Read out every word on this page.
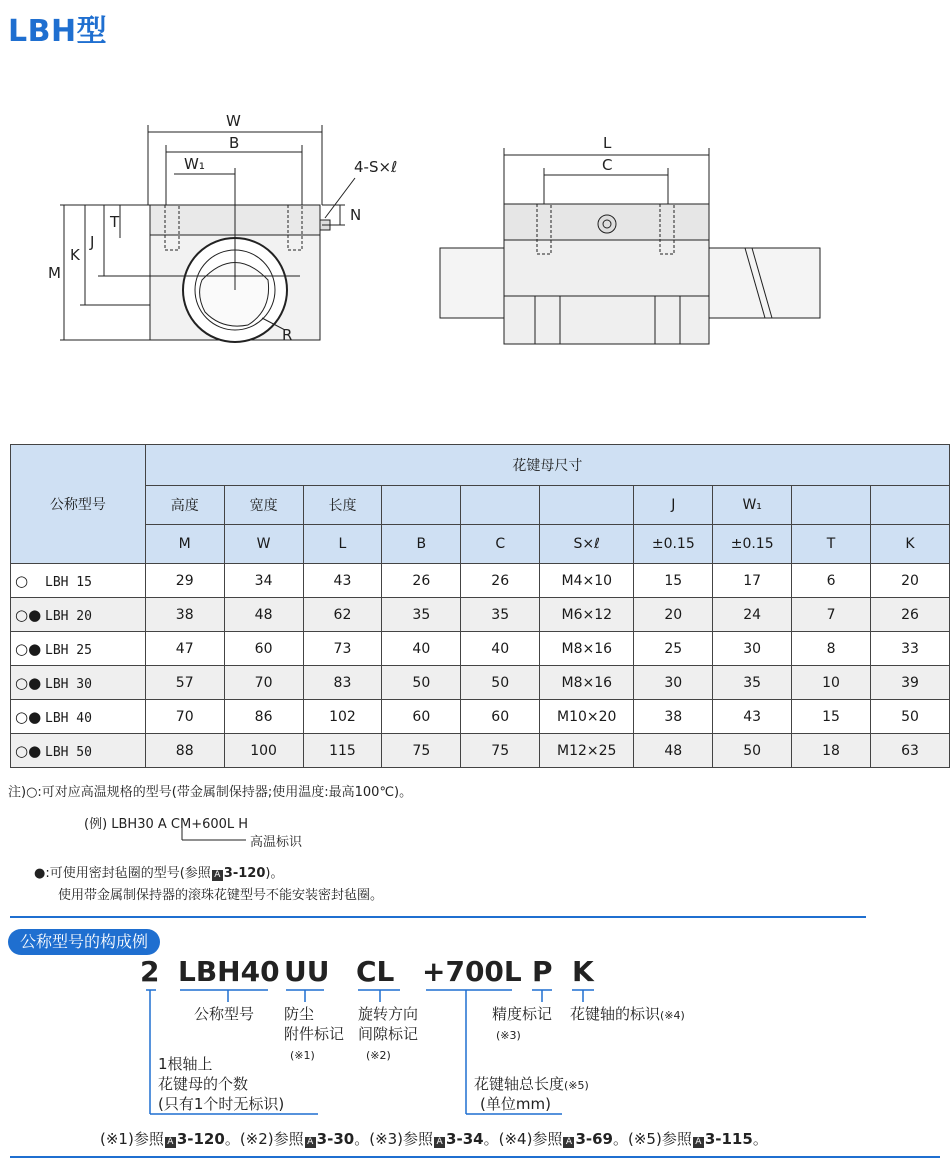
LBH型
W
B
W₁	4-S×ℓ
N
T
J
K
M
R
L
C
公称型号	花键母尺寸									
	高度	宽度	长度				J	W₁		
	M	W	L	B	C	S×ℓ	±0.15	±0.15	T	K
○ LBH 15	29	34	43	26	26	M4×10	15	17	6	20
○● LBH 20	38	48	62	35	35	M6×12	20	24	7	26
○● LBH 25	47	60	73	40	40	M8×16	25	30	8	33
○● LBH 30	57	70	83	50	50	M8×16	30	35	10	39
○● LBH 40	70	86	102	60	60	M10×20	38	43	15	50
○● LBH 50	88	100	115	75	75	M12×25	48	50	18	63
注)○:可对应高温规格的型号(带金属制保持器;使用温度:最高100℃)。
(例) LBH30 A CM+600L H
高温标识
●:可使用密封毡圈的型号(参照 A 3-120)。
使用带金属制保持器的滚珠花键型号不能安装密封毡圈。
公称型号的构成例
2 LBH40 UU CL +700L P K
公称型号 防尘
附件标记
(※1)
旋转方向
间隙标记
(※2)
精度标记
(※3)
花键轴的标识(※4)
1根轴上
花键母的个数
(只有1个时无标识)
花键轴总长度(※5)
(单位mm)
(※1)参照 A 3-120。(※2)参照 A 3-30。(※3)参照 A 3-34。(※4)参照 A 3-69。(※5)参照 A 3-115。
